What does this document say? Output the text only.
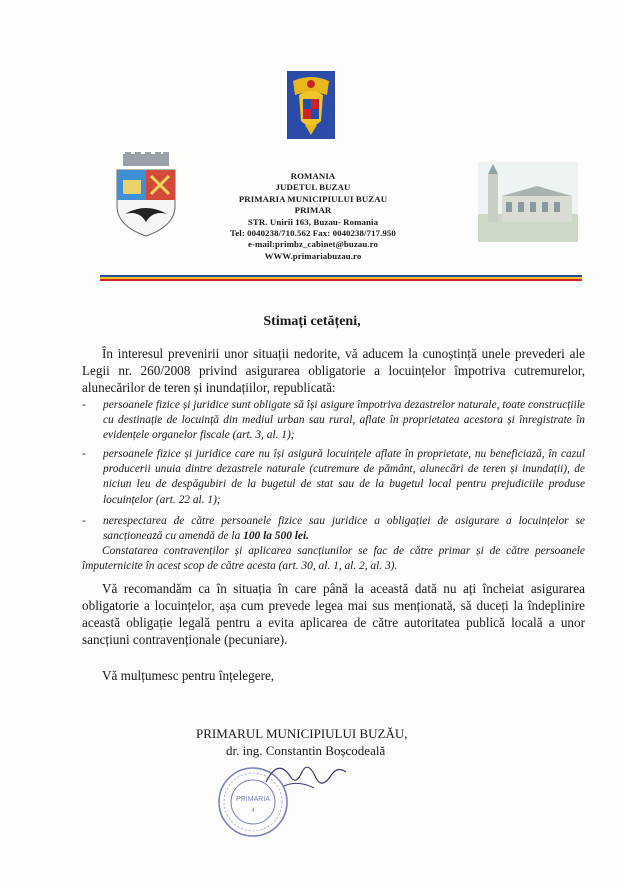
ROMANIA
JUDETUL BUZAU
PRIMARIA MUNICIPIULUI BUZAU
PRIMAR
STR. Unirii 163, Buzau- Romania
Tel: 0040238/710.562 Fax: 0040238/717.950
e-mail:primbz_cabinet@buzau.ro
WWW.primariabuzau.ro
Stimați cetățeni,
În interesul prevenirii unor situații nedorite, vă aducem la cunoștință unele prevederi ale Legii nr. 260/2008 privind asigurarea obligatorie a locuințelor împotriva cutremurelor, alunecărilor de teren și inundațiilor, republicată:
- persoanele fizice și juridice sunt obligate să își asigure împotriva dezastrelor naturale, toate construcțiile cu destinație de locuință din mediul urban sau rural, aflate în proprietatea acestora și înregistrate în evidențele organelor fiscale (art. 3, al. 1);
- persoanele fizice și juridice care nu își asigură locuințele aflate în proprietate, nu beneficiază, în cazul producerii unuia dintre dezastrele naturale (cutremure de pământ, alunecări de teren și inundații), de niciun leu de despăgubiri de la bugetul de stat sau de la bugetul local pentru prejudiciile produse locuințelor (art. 22 al. 1);
- nerespectarea de către persoanele fizice sau juridice a obligației de asigurare a locuințelor se sancționează cu amendă de la 100 la 500 lei.
Constatarea contravenților și aplicarea sancțiunilor se fac de către primar și de către persoanele împuternicite în acest scop de către acesta (art. 30, al. 1, al. 2, al. 3).
Vă recomandăm ca în situația în care până la această dată nu ați încheiat asigurarea obligatorie a locuințelor, așa cum prevede legea mai sus menționată, să duceți la îndeplinire această obligație legală pentru a evita aplicarea de către autoritatea publică locală a unor sancțiuni contravenționale (pecuniare).
Vă mulțumesc pentru înțelegere,
PRIMARUL MUNICIPIULUI BUZĂU,
dr. ing. Constantin Boșcodeală
PRIMARIA
4
